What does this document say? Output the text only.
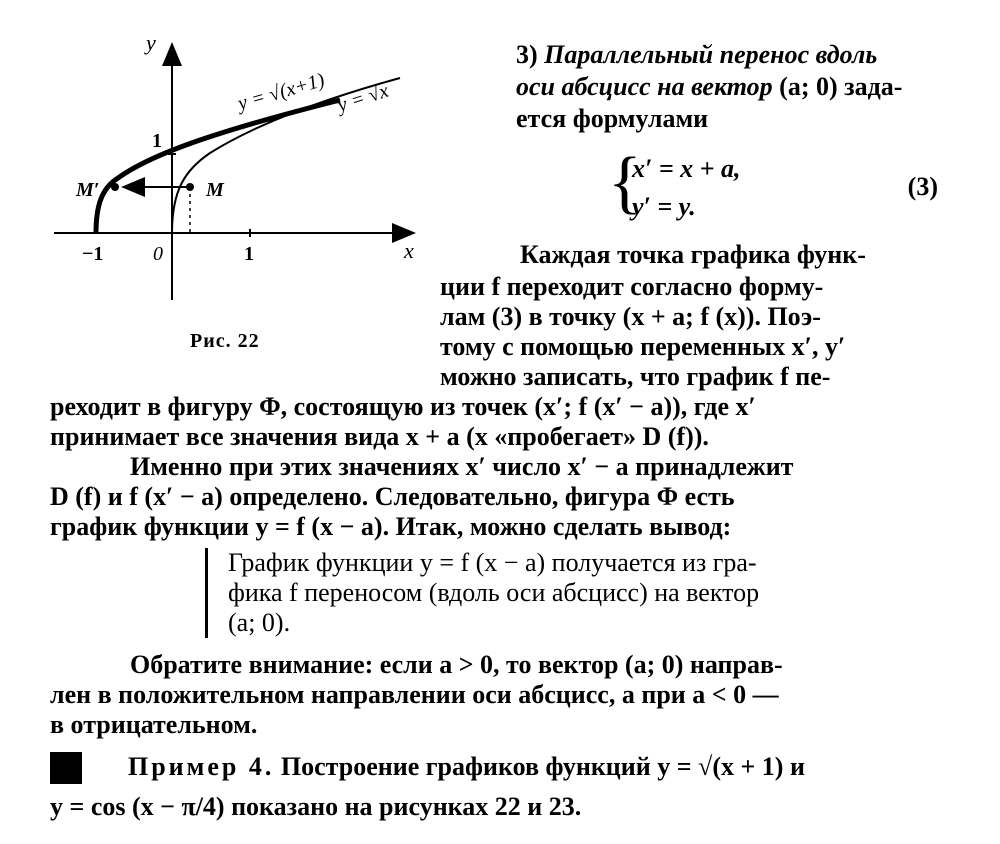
y
x
y = √(x+1) y = √x
1
−1 0	1
M′	M
Рис. 22
3) Параллельный перенос вдоль
оси абсцисс на вектор (a; 0) зада-
ется формулами
{
x′ = x + a,
y′ = y.
(3)
Каждая точка графика функ-
ции f переходит согласно форму-
лам (3) в точку (x + a; f (x)). Поэ-
тому с помощью переменных x′, y′
можно записать, что график f пе-
реходит в фигуру Φ, состоящую из точек (x′; f (x′ − a)), где x′
принимает все значения вида x + a (x «пробегает» D (f)).
Именно при этих значениях x′ число x′ − a принадлежит
D (f) и f (x′ − a) определено. Следовательно, фигура Φ есть
график функции y = f (x − a). Итак, можно сделать вывод:
График функции y = f (x − a) получается из гра-
фика f переносом (вдоль оси абсцисс) на вектор
(a; 0).
Обратите внимание: если a > 0, то вектор (a; 0) направ-
лен в положительном направлении оси абсцисс, а при a < 0 —
в отрицательном.
Пример 4. Построение графиков функций y = √(x + 1) и
y = cos (x − π/4) показано на рисунках 22 и 23.
